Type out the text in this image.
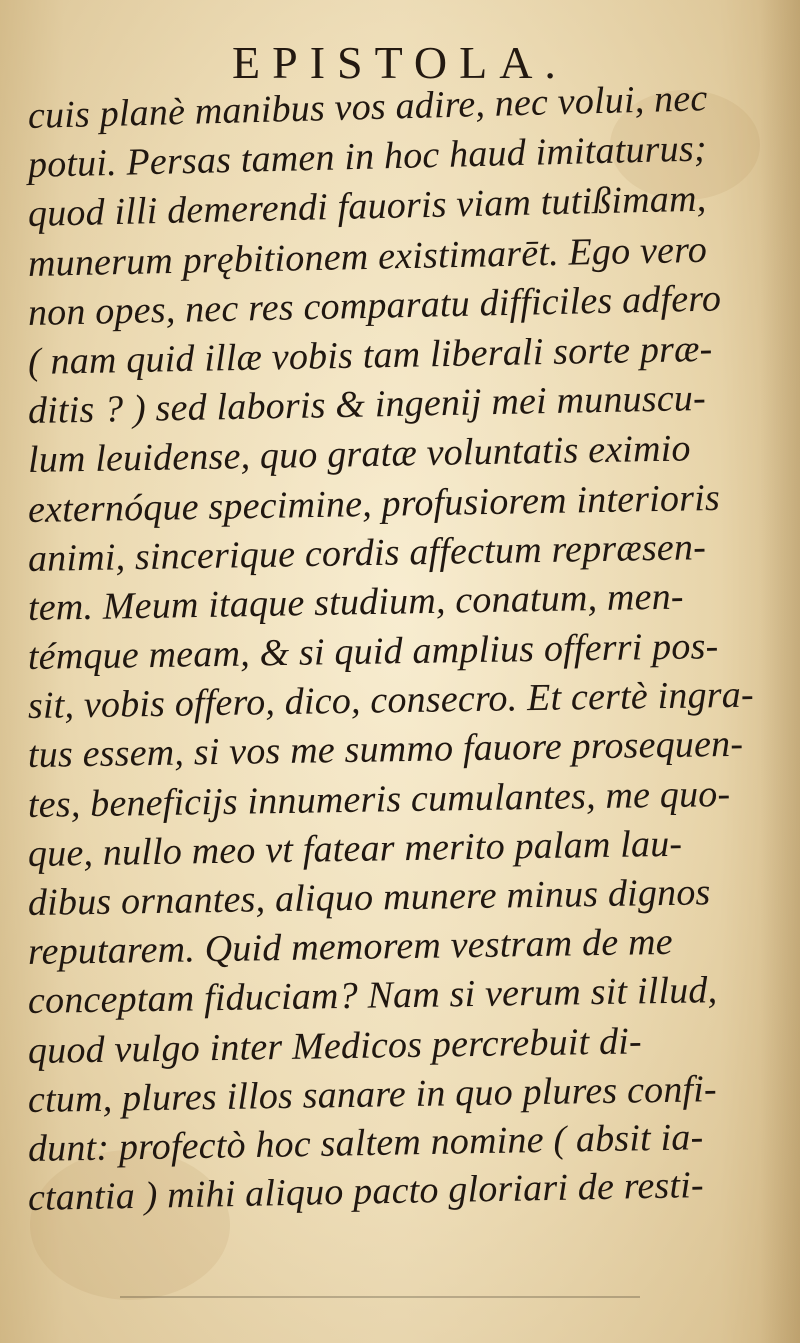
EPISTOLA.
cuis planè manibus vos adire, nec volui, nec
potui. Persas tamen in hoc haud imitaturus;
quod illi demerendi fauoris viam tutißimam,
munerum prębitionem existimarēt. Ego vero
non opes, nec res comparatu difficiles adfero
( nam quid illæ vobis tam liberali sorte præ-
ditis ? ) sed laboris & ingenij mei munuscu-
lum leuidense, quo gratæ voluntatis eximio
externóque specimine, profusiorem interioris
animi, sincerique cordis affectum repræsen-
tem. Meum itaque studium, conatum, men-
témque meam, & si quid amplius offerri pos-
sit, vobis offero, dico, consecro. Et certè ingra-
tus essem, si vos me summo fauore prosequen-
tes, beneficijs innumeris cumulantes, me quo-
que, nullo meo vt fatear merito palam lau-
dibus ornantes, aliquo munere minus dignos
reputarem. Quid memorem vestram de me
conceptam fiduciam? Nam si verum sit illud,
quod vulgo inter Medicos percrebuit di-
ctum, plures illos sanare in quo plures confi-
dunt: profectò hoc saltem nomine ( absit ia-
ctantia ) mihi aliquo pacto gloriari de resti-
